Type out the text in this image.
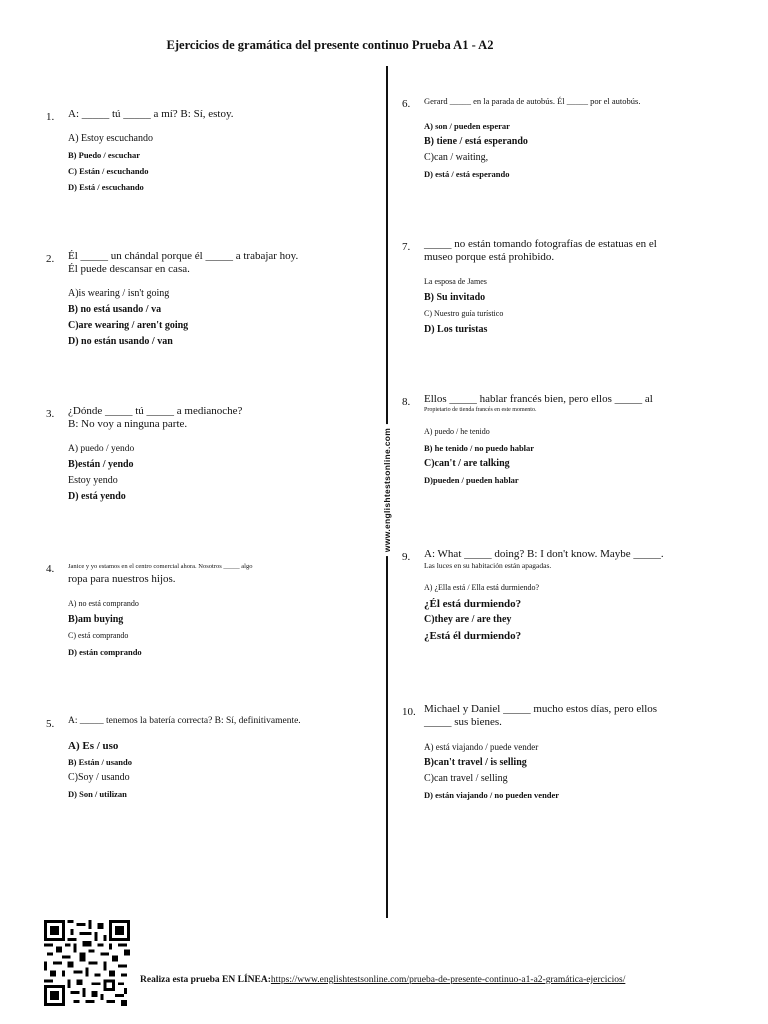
Ejercicios de gramática del presente continuo Prueba A1 - A2
www.englishtestsonline.com
1. A: _____ tú _____ a mí? B: Sí, estoy.
A) Estoy escuchando
B) Puedo / escuchar
C) Están / escuchando
D) Está / escuchando
2. Él _____ un chándal porque él _____ a trabajar hoy.
Él puede descansar en casa.
A)is wearing / isn't going
B) no está usando / va
C)are wearing / aren't going
D) no están usando / van
3. ¿Dónde _____ tú _____ a medianoche?
B: No voy a ninguna parte.
A) puedo / yendo
B)están / yendo
Estoy yendo
D) está yendo
4. Janice y yo estamos en el centro comercial ahora. Nosotros _____ algo
ropa para nuestros hijos.
A) no está comprando
B)am buying
C) está comprando
D) están comprando
5. A: _____ tenemos la batería correcta? B: Sí, definitivamente.
A) Es / uso
B) Están / usando
C)Soy / usando
D) Son / utilizan
6. Gerard _____ en la parada de autobús. Él _____ por el autobús.
A) son / pueden esperar
B) tiene / está esperando
C)can / waiting,
D) está / está esperando
7. _____ no están tomando fotografías de estatuas en el
museo porque está prohibido.
La esposa de James
B) Su invitado
C) Nuestro guía turístico
D) Los turistas
8. Ellos _____ hablar francés bien, pero ellos _____ al
Propietario de tienda francés en este momento.
A) puedo / he tenido
B) he tenido / no puedo hablar
C)can't / are talking
D)pueden / pueden hablar
9. A: What _____ doing? B: I don't know. Maybe _____.
Las luces en su habitación están apagadas.
A) ¿Ella está / Ella está durmiendo?
¿Él está durmiendo?
C)they are / are they
¿Está él durmiendo?
10. Michael y Daniel _____ mucho estos días, pero ellos
_____ sus bienes.
A) está viajando / puede vender
B)can't travel / is selling
C)can travel / selling
D) están viajando / no pueden vender
Realiza esta prueba EN LÍNEA:https://www.englishtestsonline.com/prueba-de-presente-continuo-a1-a2-gramática-ejercicios/
